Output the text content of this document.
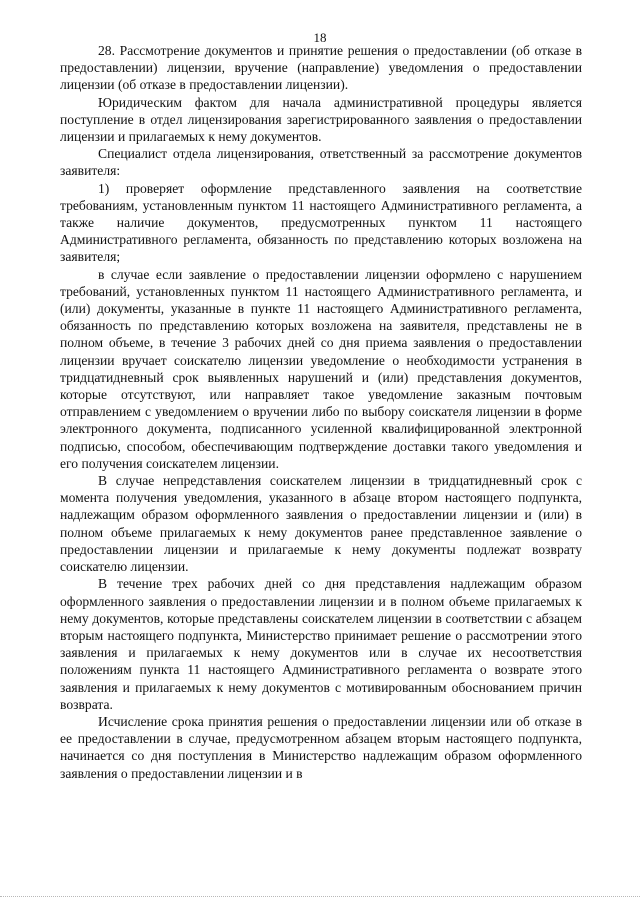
18

28. Рассмотрение документов и принятие решения о предоставлении (об отказе в предоставлении) лицензии, вручение (направление) уведомления о предоставлении лицензии (об отказе в предоставлении лицензии).

Юридическим фактом для начала административной процедуры является поступление в отдел лицензирования зарегистрированного заявления о предоставлении лицензии и прилагаемых к нему документов.

Специалист отдела лицензирования, ответственный за рассмотрение документов заявителя:

1) проверяет оформление представленного заявления на соответствие требованиям, установленным пунктом 11 настоящего Административного регламента, а также наличие документов, предусмотренных пунктом 11 настоящего Административного регламента, обязанность по представлению которых возложена на заявителя;

в случае если заявление о предоставлении лицензии оформлено с нарушением требований, установленных пунктом 11 настоящего Административного регламента, и (или) документы, указанные в пункте 11 настоящего Административного регламента, обязанность по представлению которых возложена на заявителя, представлены не в полном объеме, в течение 3 рабочих дней со дня приема заявления о предоставлении лицензии вручает соискателю лицензии уведомление о необходимости устранения в тридцатидневный срок выявленных нарушений и (или) представления документов, которые отсутствуют, или направляет такое уведомление заказным почтовым отправлением с уведомлением о вручении либо по выбору соискателя лицензии в форме электронного документа, подписанного усиленной квалифицированной электронной подписью, способом, обеспечивающим подтверждение доставки такого уведомления и его получения соискателем лицензии.

В случае непредставления соискателем лицензии в тридцатидневный срок с момента получения уведомления, указанного в абзаце втором настоящего подпункта, надлежащим образом оформленного заявления о предоставлении лицензии и (или) в полном объеме прилагаемых к нему документов ранее представленное заявление о предоставлении лицензии и прилагаемые к нему документы подлежат возврату соискателю лицензии.

В течение трех рабочих дней со дня представления надлежащим образом оформленного заявления о предоставлении лицензии и в полном объеме прилагаемых к нему документов, которые представлены соискателем лицензии в соответствии с абзацем вторым настоящего подпункта, Министерство принимает решение о рассмотрении этого заявления и прилагаемых к нему документов или в случае их несоответствия положениям пункта 11 настоящего Административного регламента о возврате этого заявления и прилагаемых к нему документов с мотивированным обоснованием причин возврата.

Исчисление срока принятия решения о предоставлении лицензии или об отказе в ее предоставлении в случае, предусмотренном абзацем вторым настоящего подпункта, начинается со дня поступления в Министерство надлежащим образом оформленного заявления о предоставлении лицензии и в
